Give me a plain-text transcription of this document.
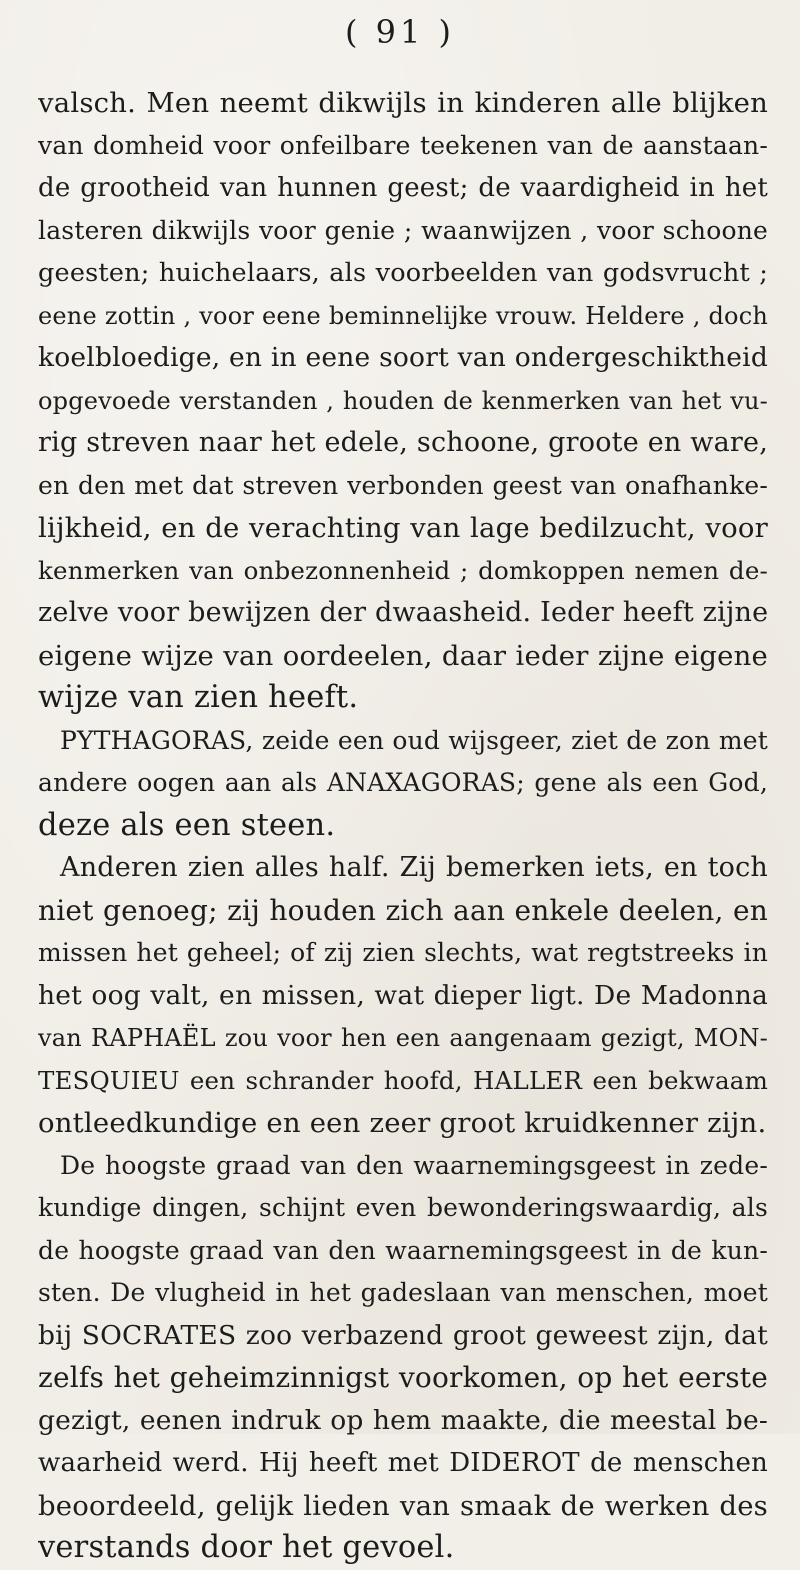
( 91 )
valsch. Men neemt dikwijls in kinderen alle blijken
van domheid voor onfeilbare teekenen van de aanstaan-
de grootheid van hunnen geest; de vaardigheid in het
lasteren dikwijls voor genie ; waanwijzen , voor schoone
geesten; huichelaars, als voorbeelden van godsvrucht ;
eene zottin , voor eene beminnelijke vrouw. Heldere , doch
koelbloedige, en in eene soort van ondergeschiktheid
opgevoede verstanden , houden de kenmerken van het vu-
rig streven naar het edele, schoone, groote en ware,
en den met dat streven verbonden geest van onafhanke-
lijkheid, en de verachting van lage bedilzucht, voor
kenmerken van onbezonnenheid ; domkoppen nemen de-
zelve voor bewijzen der dwaasheid. Ieder heeft zijne
eigene wijze van oordeelen, daar ieder zijne eigene
wijze van zien heeft.
PYTHAGORAS, zeide een oud wijsgeer, ziet de zon met
andere oogen aan als ANAXAGORAS; gene als een God,
deze als een steen.
Anderen zien alles half. Zij bemerken iets, en toch
niet genoeg; zij houden zich aan enkele deelen, en
missen het geheel; of zij zien slechts, wat regtstreeks in
het oog valt, en missen, wat dieper ligt. De Madonna
van RAPHAËL zou voor hen een aangenaam gezigt, MON-
TESQUIEU een schrander hoofd, HALLER een bekwaam
ontleedkundige en een zeer groot kruidkenner zijn.
De hoogste graad van den waarnemingsgeest in zede-
kundige dingen, schijnt even bewonderingswaardig, als
de hoogste graad van den waarnemingsgeest in de kun-
sten. De vlugheid in het gadeslaan van menschen, moet
bij SOCRATES zoo verbazend groot geweest zijn, dat
zelfs het geheimzinnigst voorkomen, op het eerste
gezigt, eenen indruk op hem maakte, die meestal be-
waarheid werd. Hij heeft met DIDEROT de menschen
beoordeeld, gelijk lieden van smaak de werken des
verstands door het gevoel.
